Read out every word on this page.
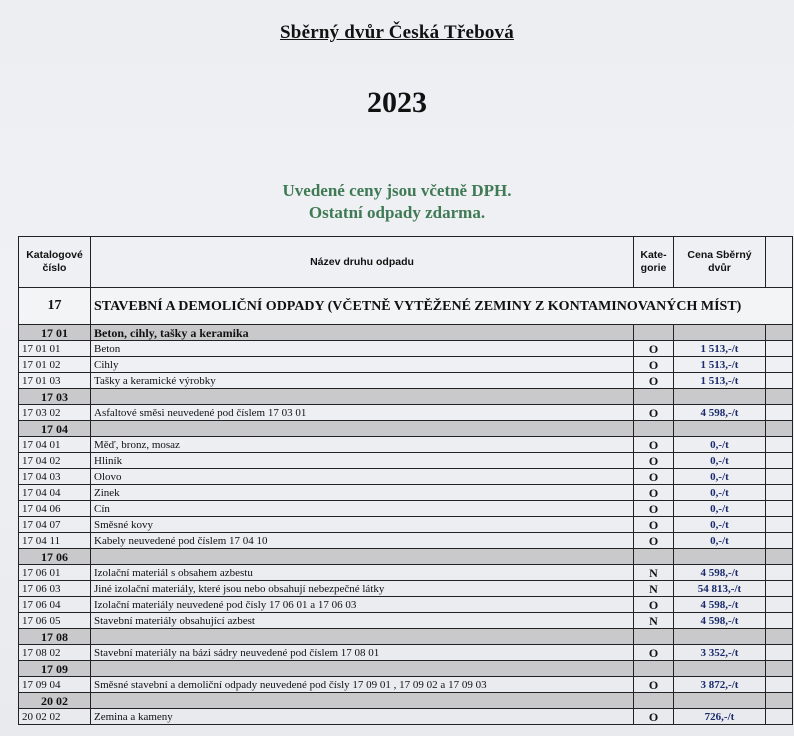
Sběrný dvůr Česká Třebová
2023
Uvedené ceny jsou včetně DPH.
Ostatní odpady zdarma.
Katalogové číslo	Název druhu odpadu	Kate-gorie	Cena Sběrný dvůr	
17	STAVEBNÍ A DEMOLIČNÍ ODPADY (VČETNĚ VYTĚŽENÉ ZEMINY Z KONTAMINOVANÝCH MÍST)			
17 01	Beton, cihly, tašky a keramika			
17 01 01	Beton	O	1 513,-/t	
17 01 02	Cihly	O	1 513,-/t	
17 01 03	Tašky a keramické výrobky	O	1 513,-/t	
17 03				
17 03 02	Asfaltové směsi neuvedené pod číslem 17 03 01	O	4 598,-/t	
17 04				
17 04 01	Měď, bronz, mosaz	O	0,-/t	
17 04 02	Hliník	O	0,-/t	
17 04 03	Olovo	O	0,-/t	
17 04 04	Zinek	O	0,-/t	
17 04 06	Cín	O	0,-/t	
17 04 07	Směsné kovy	O	0,-/t	
17 04 11	Kabely neuvedené pod číslem 17 04 10	O	0,-/t	
17 06				
17 06 01	Izolační materiál s obsahem azbestu	N	4 598,-/t	
17 06 03	Jiné izolační materiály, které jsou nebo obsahují nebezpečné látky	N	54 813,-/t	
17 06 04	Izolační materiály neuvedené pod čísly 17 06 01 a 17 06 03	O	4 598,-/t	
17 06 05	Stavební materiály obsahující azbest	N	4 598,-/t	
17 08				
17 08 02	Stavební materiály na bázi sádry neuvedené pod číslem 17 08 01	O	3 352,-/t	
17 09				
17 09 04	Směsné stavební a demoliční odpady neuvedené pod čísly 17 09 01 , 17 09 02 a 17 09 03	O	3 872,-/t	
20 02				
20 02 02	Zemina a kameny	O	726,-/t	
